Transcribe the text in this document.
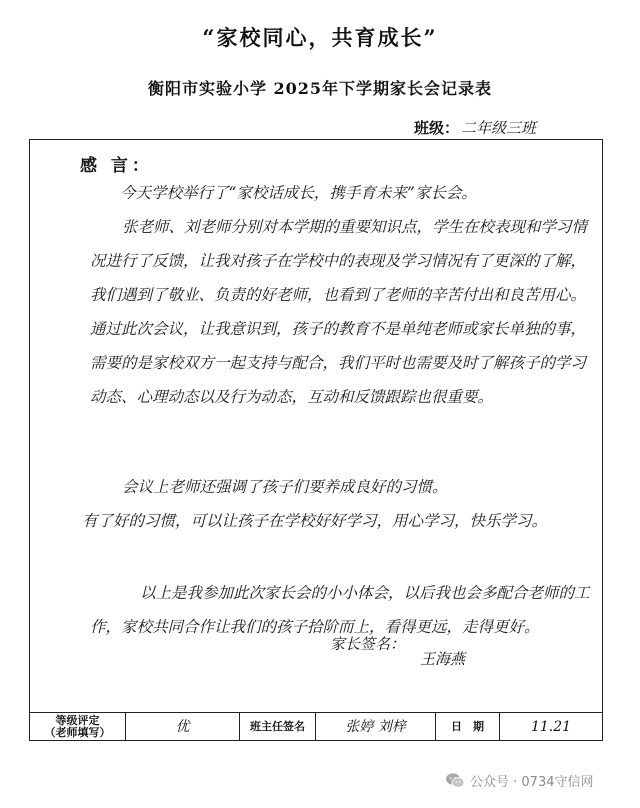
“家校同心，共育成长”
衡阳市实验小学 2025年下学期家长会记录表
班级： 二年级三班
感 言：
今天学校举行了“家校话成长，携手育未来”家长会。
张老师、刘老师分别对本学期的重要知识点，学生在校表现和学习情况进行了反馈，让我对孩子在学校中的表现及学习情况有了更深的了解，我们遇到了敬业、负责的好老师，也看到了老师的辛苦付出和良苦用心。通过此次会议，让我意识到，孩子的教育不是单纯老师或家长单独的事，需要的是家校双方一起支持与配合，我们平时也需要及时了解孩子的学习动态、心理动态以及行为动态，互动和反馈跟踪也很重要。
会议上老师还强调了孩子们要养成良好的习惯。
有了好的习惯，可以让孩子在学校好好学习，用心学习，快乐学习。
以上是我参加此次家长会的小小体会，以后我也会多配合老师的工作，家校共同合作让我们的孩子拾阶而上，看得更远，走得更好。
家长签名：
王海燕
等级评定
（老师填写）	优	班主任签名	张婷 刘梓	日　期	11.21
公众号 · 0734守信网
